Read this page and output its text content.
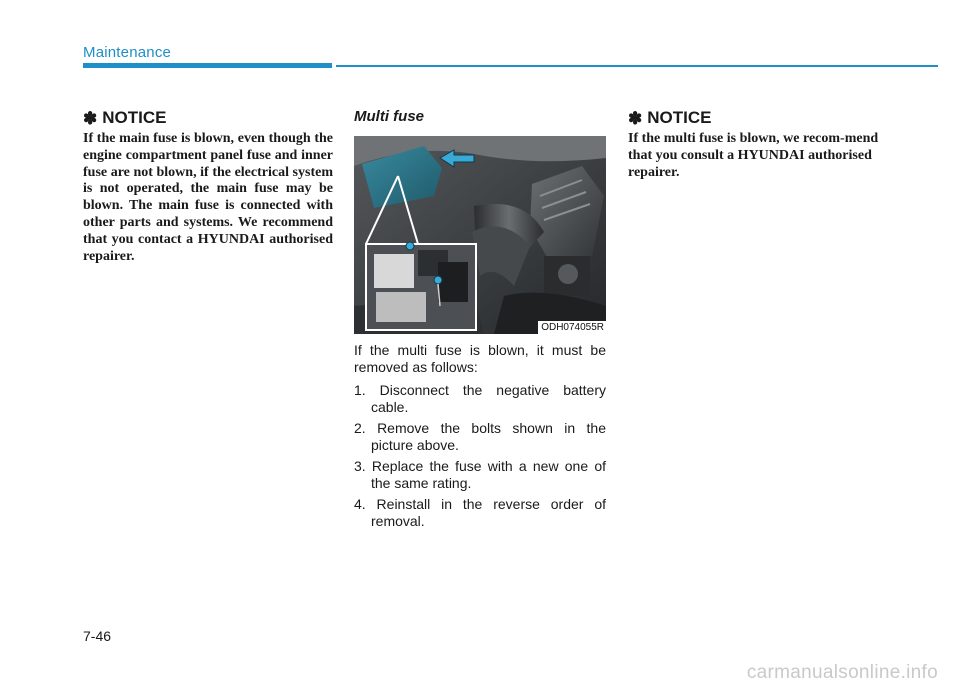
Maintenance
✽ NOTICE

If the main fuse is blown, even though the engine compartment panel fuse and inner fuse are not blown, if the electrical system is not operated, the main fuse may be blown. The main fuse is connected with other parts and systems. We recommend that you contact a HYUNDAI authorised repairer.

Multi fuse
ODH074055R

If the multi fuse is blown, it must be removed as follows:

1. Disconnect the negative battery cable.
2. Remove the bolts shown in the picture above.
3. Replace the fuse with a new one of the same rating.
4. Reinstall in the reverse order of removal.
✽ NOTICE

If the multi fuse is blown, we recom-mend that you consult a HYUNDAI authorised repairer.

7-46
carmanualsonline.info
